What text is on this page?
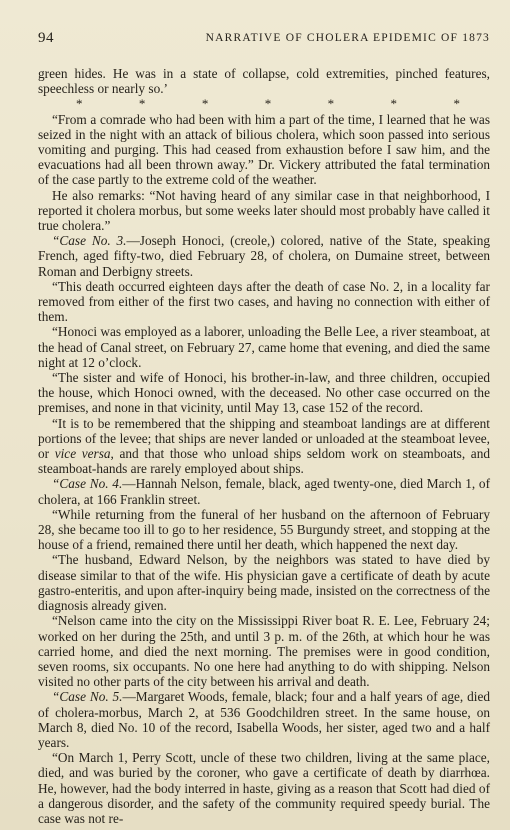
94	NARRATIVE OF CHOLERA EPIDEMIC OF 1873

green hides. He was in a state of collapse, cold extremities, pinched features, speechless or nearly so.’

*	*	*	*	*	*	*

“From a comrade who had been with him a part of the time, I learned that he was seized in the night with an attack of bilious cholera, which soon passed into serious vomiting and purging. This had ceased from exhaustion before I saw him, and the evacuations had all been thrown away.” Dr. Vickery attributed the fatal termination of the case partly to the extreme cold of the weather.

He also remarks: “Not having heard of any similar case in that neighborhood, I reported it cholera morbus, but some weeks later should most probably have called it true cholera.”

“Case No. 3.—Joseph Honoci, (creole,) colored, native of the State, speaking French, aged fifty-two, died February 28, of cholera, on Dumaine street, between Roman and Derbigny streets.

“This death occurred eighteen days after the death of case No. 2, in a locality far removed from either of the first two cases, and having no connection with either of them.

“Honoci was employed as a laborer, unloading the Belle Lee, a river steamboat, at the head of Canal street, on February 27, came home that evening, and died the same night at 12 o’clock.

“The sister and wife of Honoci, his brother-in-law, and three children, occupied the house, which Honoci owned, with the deceased. No other case occurred on the premises, and none in that vicinity, until May 13, case 152 of the record.

“It is to be remembered that the shipping and steamboat landings are at different portions of the levee; that ships are never landed or unloaded at the steamboat levee, or vice versa, and that those who unload ships seldom work on steamboats, and steamboat-hands are rarely employed about ships.

“Case No. 4.—Hannah Nelson, female, black, aged twenty-one, died March 1, of cholera, at 166 Franklin street.

“While returning from the funeral of her husband on the afternoon of February 28, she became too ill to go to her residence, 55 Burgundy street, and stopping at the house of a friend, remained there until her death, which happened the next day.

“The husband, Edward Nelson, by the neighbors was stated to have died by disease similar to that of the wife. His physician gave a certificate of death by acute gastro-enteritis, and upon after-inquiry being made, insisted on the correctness of the diagnosis already given.

“Nelson came into the city on the Mississippi River boat R. E. Lee, February 24; worked on her during the 25th, and until 3 p. m. of the 26th, at which hour he was carried home, and died the next morning. The premises were in good condition, seven rooms, six occupants. No one here had anything to do with shipping. Nelson visited no other parts of the city between his arrival and death.

“Case No. 5.—Margaret Woods, female, black; four and a half years of age, died of cholera-morbus, March 2, at 536 Goodchildren street. In the same house, on March 8, died No. 10 of the record, Isabella Woods, her sister, aged two and a half years.

“On March 1, Perry Scott, uncle of these two children, living at the same place, died, and was buried by the coroner, who gave a certificate of death by diarrhœa. He, however, had the body interred in haste, giving as a reason that Scott had died of a dangerous disorder, and the safety of the community required speedy burial. The case was not re-
